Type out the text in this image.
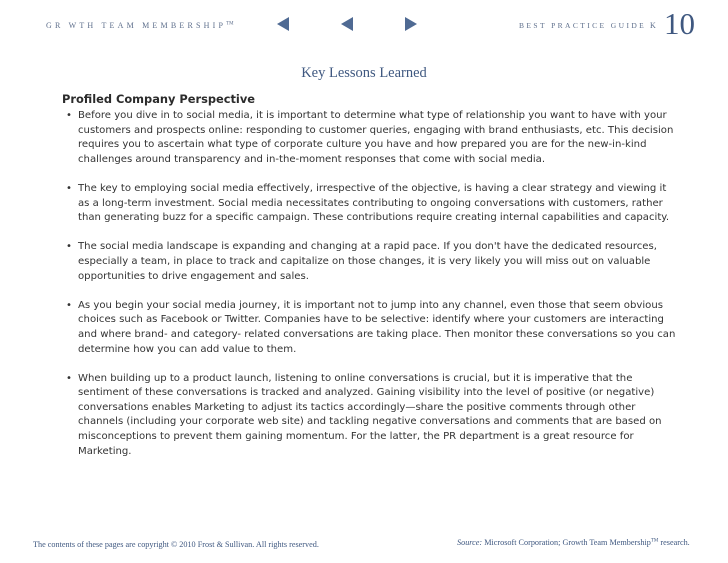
GR WTH TEAM MEMBERSHIP™	BEST PRACTICE GUIDE K 10
Key Lessons Learned
Profiled Company Perspective
• Before you dive in to social media, it is important to determine what type of relationship you want to have with your customers and prospects online: responding to customer queries, engaging with brand enthusiasts, etc. This decision requires you to ascertain what type of corporate culture you have and how prepared you are for the new-in-kind challenges around transparency and in-the-moment responses that come with social media.
• The key to employing social media effectively, irrespective of the objective, is having a clear strategy and viewing it as a long-term investment. Social media necessitates contributing to ongoing conversations with customers, rather than generating buzz for a specific campaign. These contributions require creating internal capabilities and capacity.
• The social media landscape is expanding and changing at a rapid pace. If you don't have the dedicated resources, especially a team, in place to track and capitalize on those changes, it is very likely you will miss out on valuable opportunities to drive engagement and sales.
• As you begin your social media journey, it is important not to jump into any channel, even those that seem obvious choices such as Facebook or Twitter. Companies have to be selective: identify where your customers are interacting and where brand- and category- related conversations are taking place. Then monitor these conversations so you can determine how you can add value to them.
• When building up to a product launch, listening to online conversations is crucial, but it is imperative that the sentiment of these conversations is tracked and analyzed. Gaining visibility into the level of positive (or negative) conversations enables Marketing to adjust its tactics accordingly—share the positive comments through other channels (including your corporate web site) and tackling negative conversations and comments that are based on misconceptions to prevent them gaining momentum. For the latter, the PR department is a great resource for Marketing.
The contents of these pages are copyright © 2010 Frost & Sullivan. All rights reserved.	Source: Microsoft Corporation; Growth Team Membership™ research.
